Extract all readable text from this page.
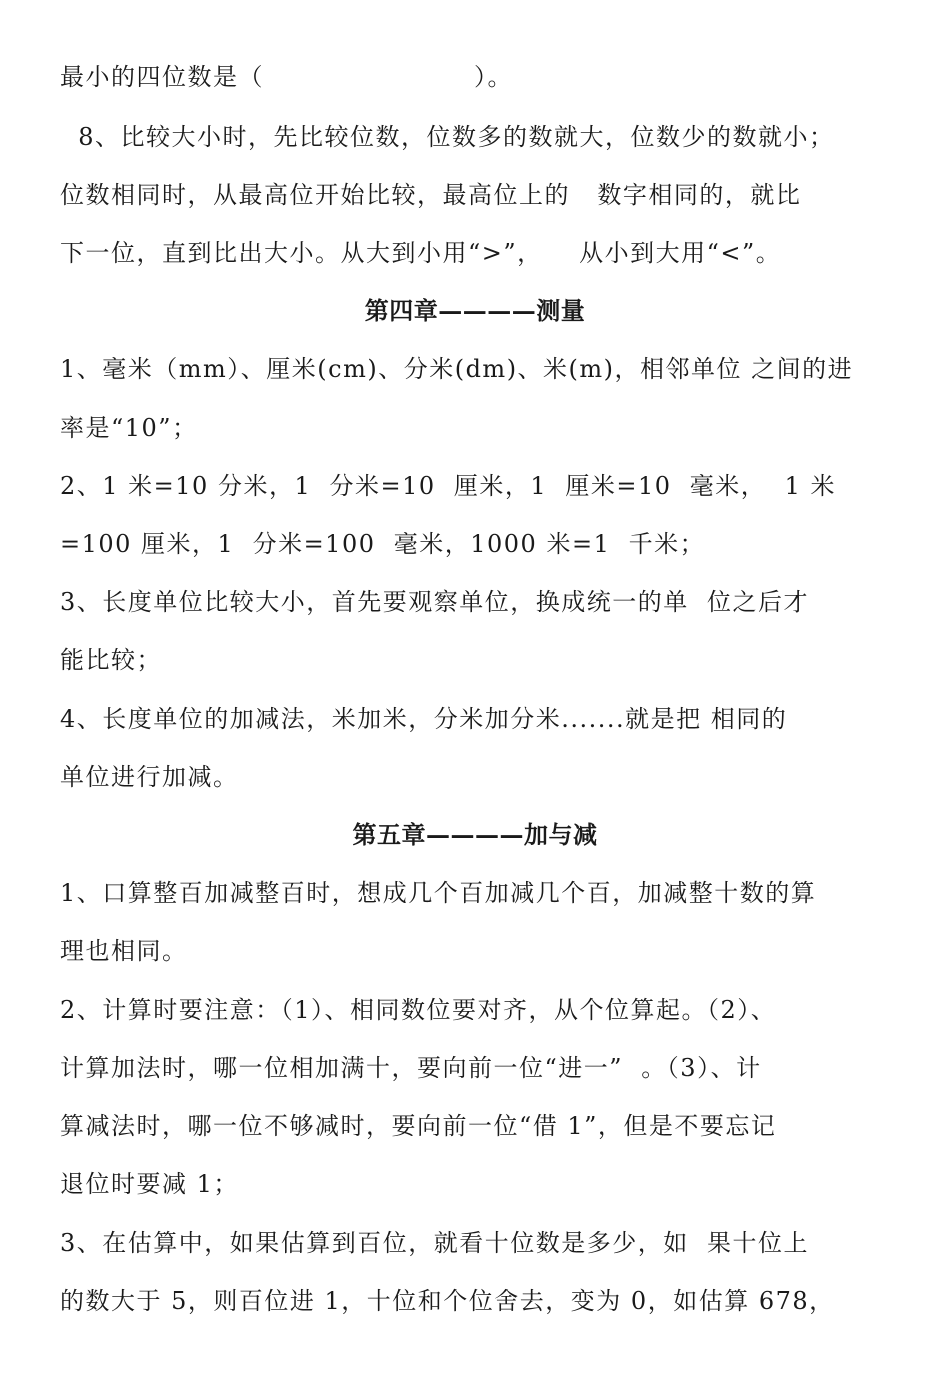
最小的四位数是（                       ）。
8、比较大小时，先比较位数，位数多的数就大，位数少的数就小；
位数相同时，从最高位开始比较，最高位上的   数字相同的，就比
下一位，直到比出大小。从大到小用“>”，    从小到大用“<”。
第四章————测量
1、毫米（mm）、厘米(cm)、分米(dm)、米(m)，相邻单位 之间的进
率是“10”；
2、1 米=10 分米，1  分米=10  厘米，1  厘米=10  毫米，  1 米
=100 厘米，1  分米=100  毫米，1000 米=1  千米；
3、长度单位比较大小，首先要观察单位，换成统一的单  位之后才
能比较；
4、长度单位的加减法，米加米，分米加分米.......就是把 相同的
单位进行加减。
第五章————加与减
1、口算整百加减整百时，想成几个百加减几个百，加减整十数的算
理也相同。
2、计算时要注意：（1）、相同数位要对齐，从个位算起。（2）、
计算加法时，哪一位相加满十，要向前一位“进一”  。（3）、计
算减法时，哪一位不够减时，要向前一位“借 1”，但是不要忘记
退位时要减 1；
3、在估算中，如果估算到百位，就看十位数是多少，如  果十位上
的数大于 5，则百位进 1，十位和个位舍去，变为 0，如估算 678，
